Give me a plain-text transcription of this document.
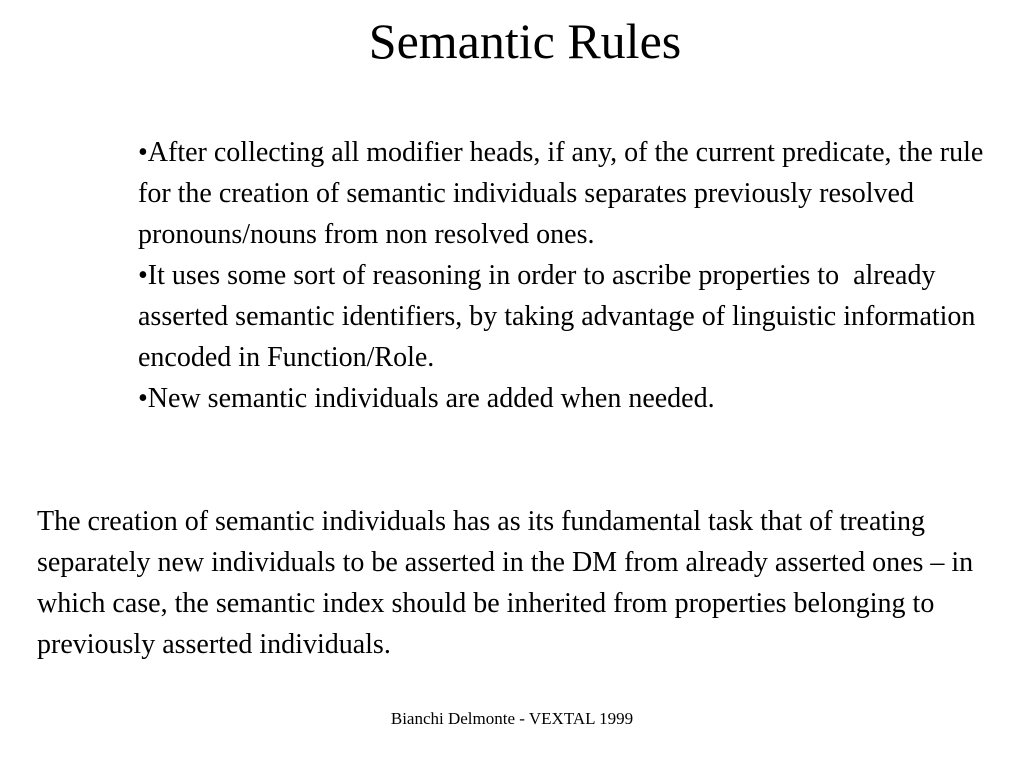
Semantic Rules

•After collecting all modifier heads, if any, of the current predicate, the rule for the creation of semantic individuals separates previously resolved pronouns/nouns from non resolved ones.

•It uses some sort of reasoning in order to ascribe properties to  already asserted semantic identifiers, by taking advantage of linguistic information encoded in Function/Role.

•New semantic individuals are added when needed.

The creation of semantic individuals has as its fundamental task that of treating separately new individuals to be asserted in the DM from already asserted ones – in which case, the semantic index should be inherited from properties belonging to previously asserted individuals.

Bianchi Delmonte - VEXTAL 1999
